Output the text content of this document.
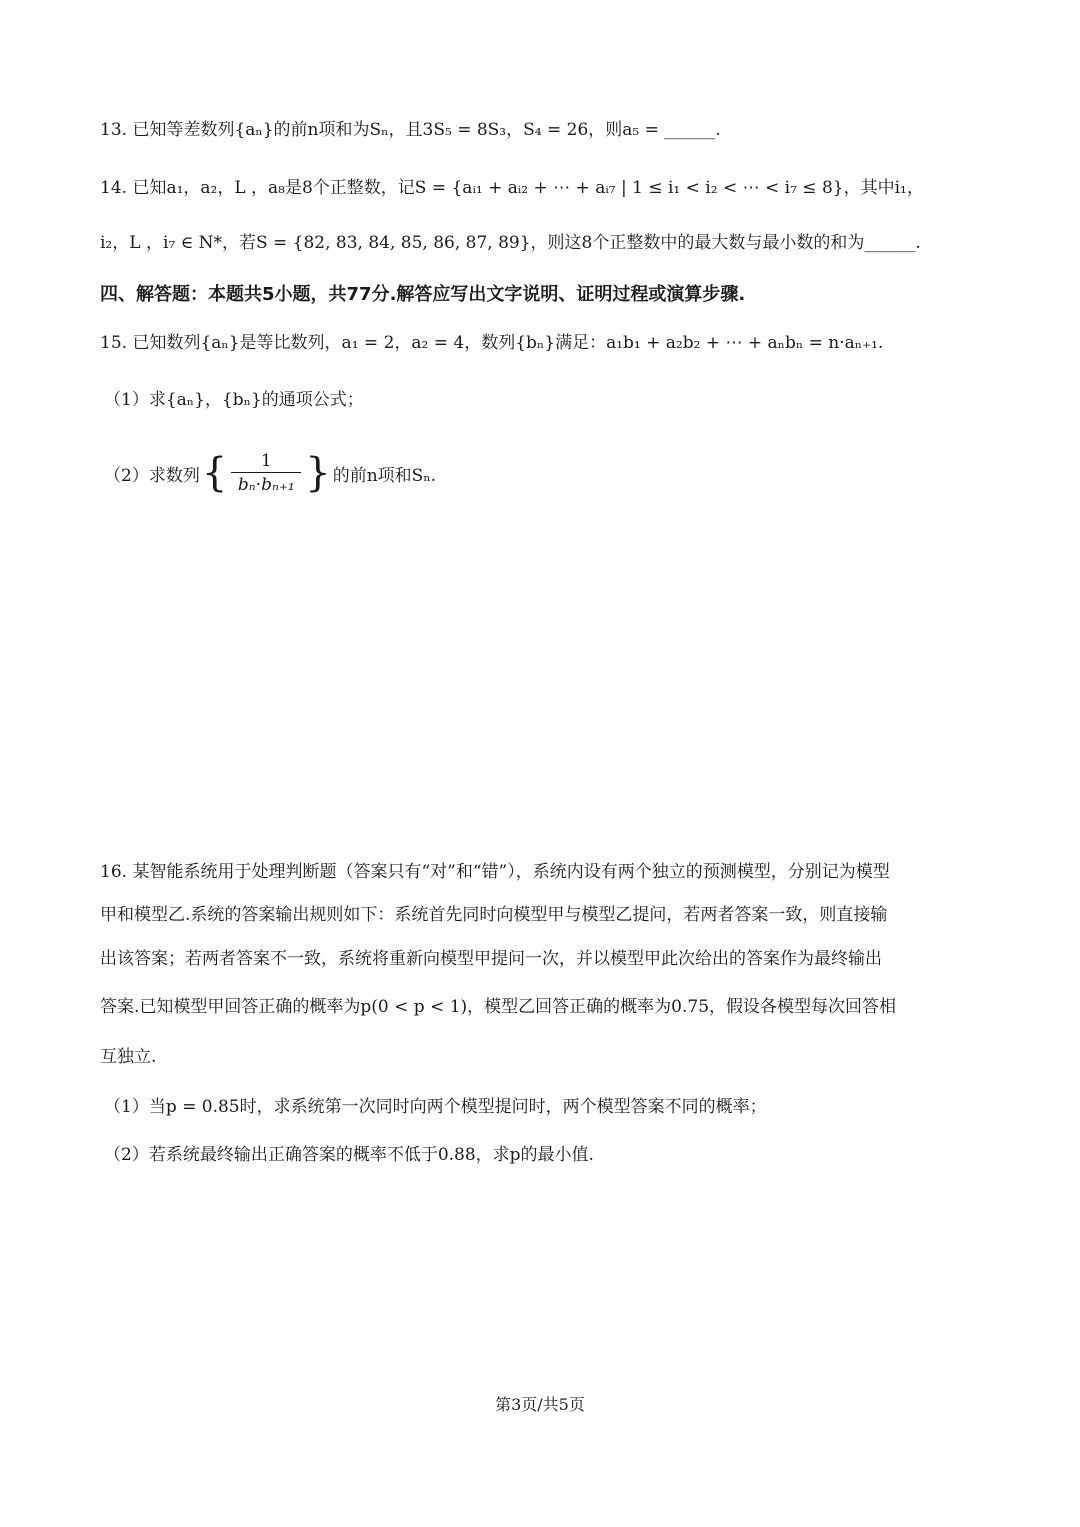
13. 已知等差数列{aₙ}的前n项和为Sₙ，且3S₅ = 8S₃，S₄ = 26，则a₅ = ______.
14. 已知a₁，a₂，L ，a₈是8个正整数，记S = {aᵢ₁ + aᵢ₂ + ⋯ + aᵢ₇ | 1 ≤ i₁ < i₂ < ⋯ < i₇ ≤ 8}，其中i₁，
i₂，L ，i₇ ∈ N*，若S = {82, 83, 84, 85, 86, 87, 89}，则这8个正整数中的最大数与最小数的和为______.
四、解答题：本题共5小题，共77分.解答应写出文字说明、证明过程或演算步骤.
15. 已知数列{aₙ}是等比数列，a₁ = 2，a₂ = 4，数列{bₙ}满足：a₁b₁ + a₂b₂ + ⋯ + aₙbₙ = n·aₙ₊₁.
（1）求{aₙ}，{bₙ}的通项公式；
（2）求数列 { 1
bₙ·bₙ₊₁ } 的前n项和Sₙ.
16. 某智能系统用于处理判断题（答案只有“对”和“错”），系统内设有两个独立的预测模型，分别记为模型
甲和模型乙.系统的答案输出规则如下：系统首先同时向模型甲与模型乙提问，若两者答案一致，则直接输
出该答案；若两者答案不一致，系统将重新向模型甲提问一次，并以模型甲此次给出的答案作为最终输出
答案.已知模型甲回答正确的概率为p(0 < p < 1)，模型乙回答正确的概率为0.75，假设各模型每次回答相
互独立.
（1）当p = 0.85时，求系统第一次同时向两个模型提问时，两个模型答案不同的概率；
（2）若系统最终输出正确答案的概率不低于0.88，求p的最小值.
第3页/共5页
